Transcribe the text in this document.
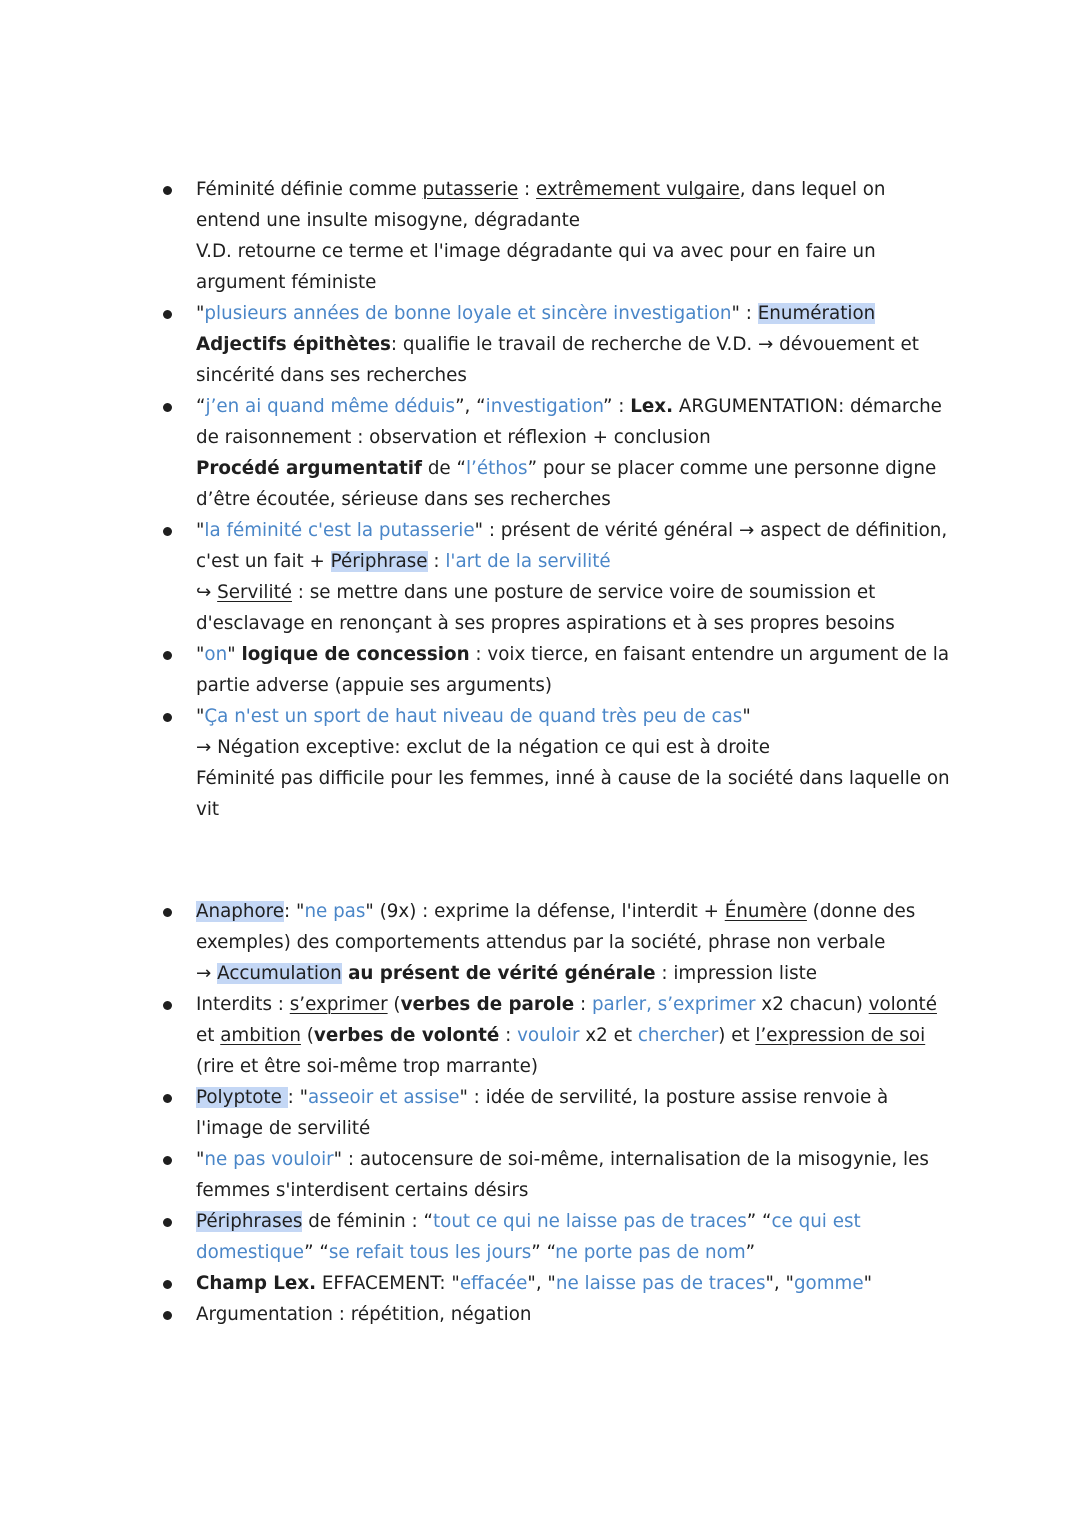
Féminité définie comme putasserie : extrêmement vulgaire, dans lequel on
entend une insulte misogyne, dégradante
V.D. retourne ce terme et l'image dégradante qui va avec pour en faire un
argument féministe
"plusieurs années de bonne loyale et sincère investigation" : Enumération
Adjectifs épithètes: qualifie le travail de recherche de V.D. → dévouement et
sincérité dans ses recherches
“j’en ai quand même déduis”, “investigation” : Lex. ARGUMENTATION: démarche
de raisonnement : observation et réflexion + conclusion
Procédé argumentatif de “l’éthos” pour se placer comme une personne digne
d’être écoutée, sérieuse dans ses recherches
"la féminité c'est la putasserie" : présent de vérité général → aspect de définition,
c'est un fait + Périphrase : l'art de la servilité
↪ Servilité : se mettre dans une posture de service voire de soumission et
d'esclavage en renonçant à ses propres aspirations et à ses propres besoins
"on" logique de concession : voix tierce, en faisant entendre un argument de la
partie adverse (appuie ses arguments)
"Ça n'est un sport de haut niveau de quand très peu de cas"
→ Négation exceptive: exclut de la négation ce qui est à droite
Féminité pas difficile pour les femmes, inné à cause de la société dans laquelle on
vit
Anaphore: "ne pas" (9x) : exprime la défense, l'interdit + Énumère (donne des
exemples) des comportements attendus par la société, phrase non verbale
→ Accumulation au présent de vérité générale : impression liste
Interdits : s’exprimer (verbes de parole : parler, s’exprimer x2 chacun) volonté
et ambition (verbes de volonté : vouloir x2 et chercher) et l’expression de soi
(rire et être soi-même trop marrante)
Polyptote : "asseoir et assise" : idée de servilité, la posture assise renvoie à
l'image de servilité
"ne pas vouloir" : autocensure de soi-même, internalisation de la misogynie, les
femmes s'interdisent certains désirs
Périphrases de féminin : “tout ce qui ne laisse pas de traces” “ce qui est
domestique” “se refait tous les jours” “ne porte pas de nom”
Champ Lex. EFFACEMENT: "effacée", "ne laisse pas de traces", "gomme"
Argumentation : répétition, négation
